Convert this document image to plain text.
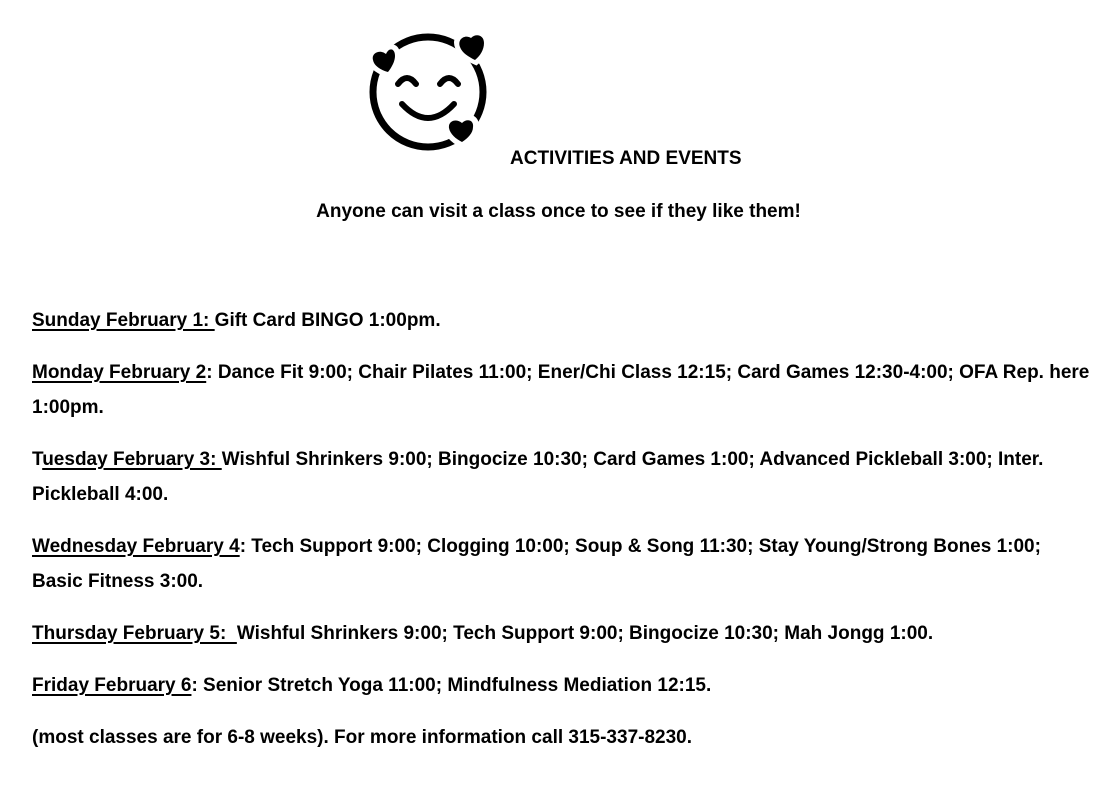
ACTIVITIES AND EVENTS
Anyone can visit a class once to see if they like them!

Sunday February 1: Gift Card BINGO 1:00pm.

Monday February 2: Dance Fit 9:00; Chair Pilates 11:00; Ener/Chi Class 12:15; Card Games 12:30-4:00; OFA Rep. here 1:00pm.

Tuesday February 3: Wishful Shrinkers 9:00; Bingocize 10:30; Card Games 1:00; Advanced Pickleball 3:00; Inter. Pickleball 4:00.

Wednesday February 4: Tech Support 9:00; Clogging 10:00; Soup & Song 11:30; Stay Young/Strong Bones 1:00; Basic Fitness 3:00.

Thursday February 5:  Wishful Shrinkers 9:00; Tech Support 9:00; Bingocize 10:30; Mah Jongg 1:00.

Friday February 6: Senior Stretch Yoga 11:00; Mindfulness Mediation 12:15.

(most classes are for 6-8 weeks). For more information call 315-337-8230.
